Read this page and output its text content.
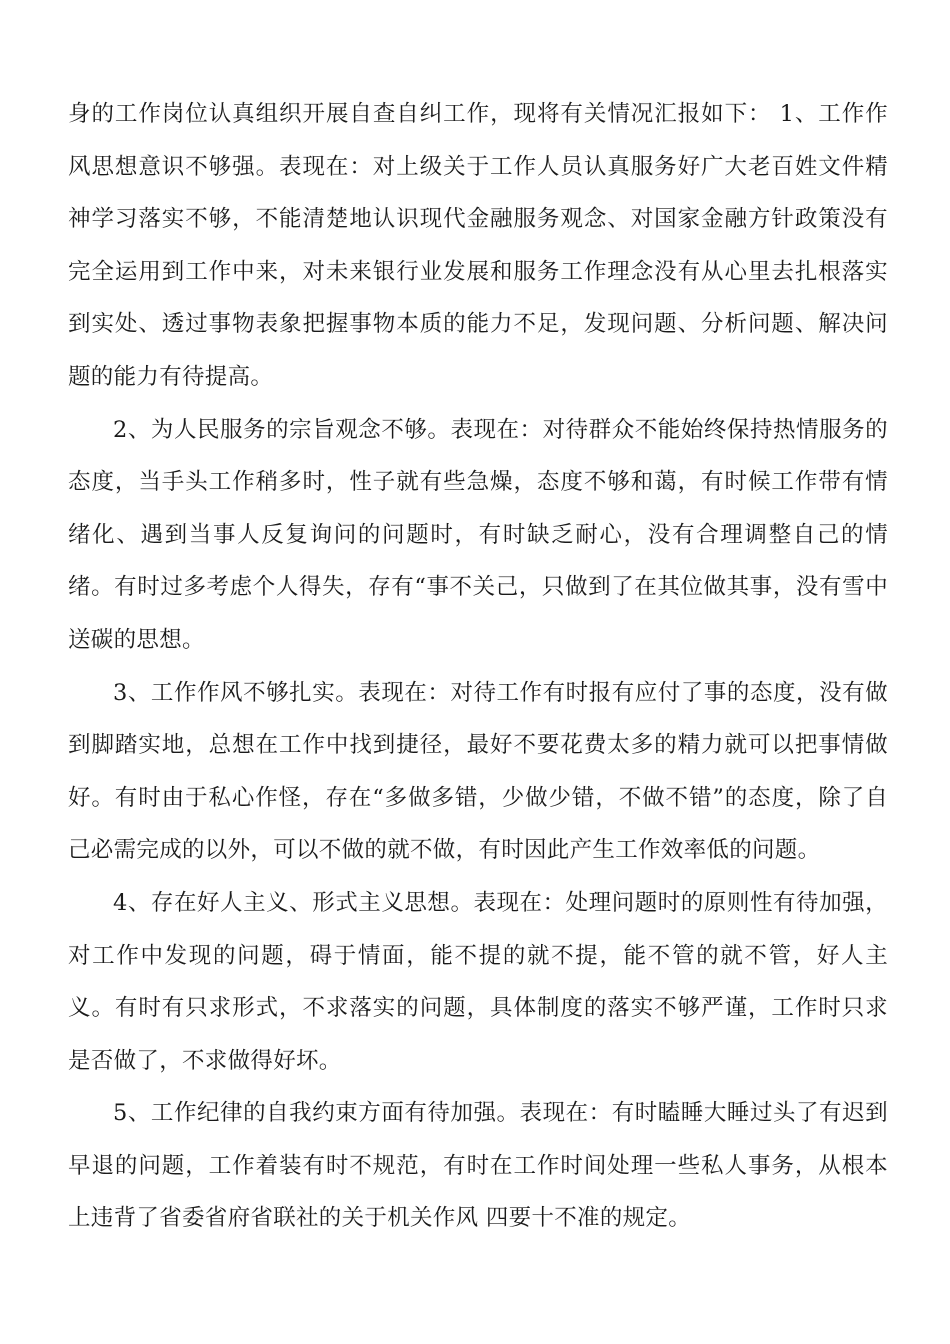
身的工作岗位认真组织开展自查自纠工作，现将有关情况汇报如下： 1、工作作风思想意识不够强。表现在：对上级关于工作人员认真服务好广大老百姓文件精神学习落实不够，不能清楚地认识现代金融服务观念、对国家金融方针政策没有完全运用到工作中来，对未来银行业发展和服务工作理念没有从心里去扎根落实到实处、透过事物表象把握事物本质的能力不足，发现问题、分析问题、解决问题的能力有待提高。

2、为人民服务的宗旨观念不够。表现在：对待群众不能始终保持热情服务的态度，当手头工作稍多时，性子就有些急燥，态度不够和蔼，有时候工作带有情绪化、遇到当事人反复询问的问题时，有时缺乏耐心，没有合理调整自己的情绪。有时过多考虑个人得失，存有“事不关己，只做到了在其位做其事，没有雪中送碳的思想。

3、工作作风不够扎实。表现在：对待工作有时报有应付了事的态度，没有做到脚踏实地，总想在工作中找到捷径，最好不要花费太多的精力就可以把事情做好。有时由于私心作怪，存在“多做多错，少做少错，不做不错”的态度，除了自己必需完成的以外，可以不做的就不做，有时因此产生工作效率低的问题。

4、存在好人主义、形式主义思想。表现在：处理问题时的原则性有待加强，对工作中发现的问题，碍于情面，能不提的就不提，能不管的就不管，好人主义。有时有只求形式，不求落实的问题，具体制度的落实不够严谨，工作时只求是否做了，不求做得好坏。

5、工作纪律的自我约束方面有待加强。表现在：有时瞌睡大睡过头了有迟到早退的问题，工作着装有时不规范，有时在工作时间处理一些私人事务，从根本上违背了省委省府省联社的关于机关作风 四要十不准的规定。
